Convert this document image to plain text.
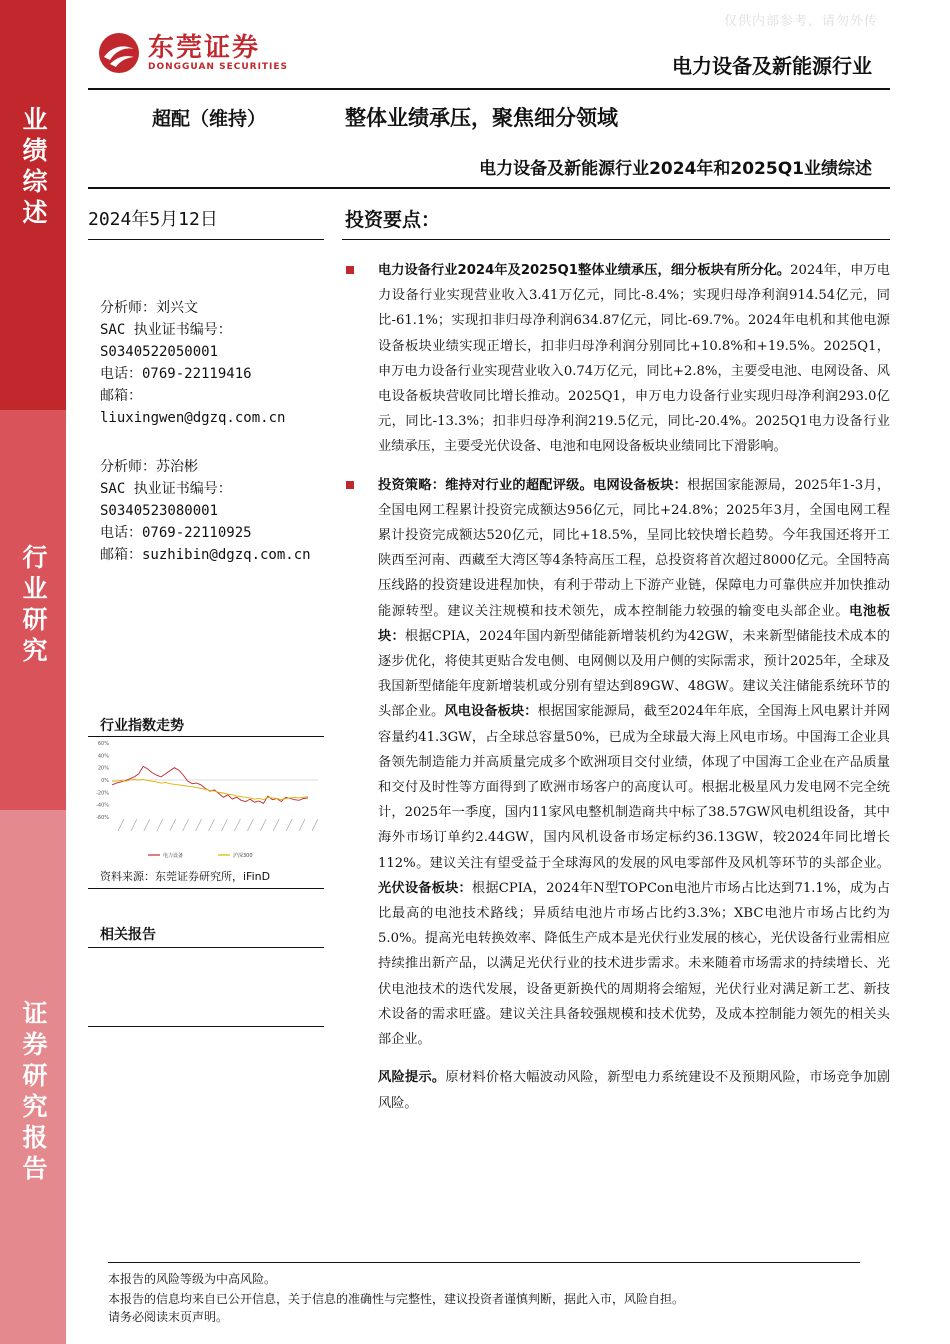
业绩综述
行业研究
证券研究报告
仅供内部参考，请勿外传
东莞证券
DONGGUAN SECURITIES	电力设备及新能源行业
超配（维持）	整体业绩承压，聚焦细分领域
电力设备及新能源行业2024年和2025Q1业绩综述
2024年5月12日	投资要点：
分析师：刘兴文
SAC 执业证书编号：
S0340522050001
电话：0769-22119416
邮箱：
liuxingwen@dgzq.com.cn
分析师：苏治彬
SAC 执业证书编号：
S0340523080001
电话：0769-22110925
邮箱：suzhibin@dgzq.com.cn
行业指数走势
60%
40%
20%
0%
-20%
-40%
-60%
电力设备	沪深300
资料来源：东莞证券研究所，iFinD
相关报告
电力设备行业2024年及2025Q1整体业绩承压，细分板块有所分化。2024年，申万电力设备行业实现营业收入3.41万亿元，同比-8.4%；实现归母净利润914.54亿元，同比-61.1%；实现扣非归母净利润634.87亿元，同比-69.7%。2024年电机和其他电源设备板块业绩实现正增长，扣非归母净利润分别同比+10.8%和+19.5%。2025Q1，申万电力设备行业实现营业收入0.74万亿元，同比+2.8%，主要受电池、电网设备、风电设备板块营收同比增长推动。2025Q1，申万电力设备行业实现归母净利润293.0亿元，同比-13.3%；扣非归母净利润219.5亿元，同比-20.4%。2025Q1电力设备行业业绩承压，主要受光伏设备、电池和电网设备板块业绩同比下滑影响。
投资策略：维持对行业的超配评级。电网设备板块：根据国家能源局，2025年1-3月，全国电网工程累计投资完成额达956亿元，同比+24.8%；2025年3月，全国电网工程累计投资完成额达520亿元，同比+18.5%，呈同比较快增长趋势。今年我国还将开工陕西至河南、西藏至大湾区等4条特高压工程，总投资将首次超过8000亿元。全国特高压线路的投资建设进程加快，有利于带动上下游产业链，保障电力可靠供应并加快推动能源转型。建议关注规模和技术领先，成本控制能力较强的输变电头部企业。电池板块：根据CPIA，2024年国内新型储能新增装机约为42GW，未来新型储能技术成本的逐步优化，将使其更贴合发电侧、电网侧以及用户侧的实际需求，预计2025年，全球及我国新型储能年度新增装机或分别有望达到89GW、48GW。建议关注储能系统环节的头部企业。风电设备板块：根据国家能源局，截至2024年年底，全国海上风电累计并网容量约41.3GW，占全球总容量50%，已成为全球最大海上风电市场。中国海工企业具备领先制造能力并高质量完成多个欧洲项目交付业绩，体现了中国海工企业在产品质量和交付及时性等方面得到了欧洲市场客户的高度认可。根据北极星风力发电网不完全统计，2025年一季度，国内11家风电整机制造商共中标了38.57GW风电机组设备，其中海外市场订单约2.44GW，国内风机设备市场定标约36.13GW，较2024年同比增长112%。建议关注有望受益于全球海风的发展的风电零部件及风机等环节的头部企业。光伏设备板块：根据CPIA，2024年N型TOPCon电池片市场占比达到71.1%，成为占比最高的电池技术路线；异质结电池片市场占比约3.3%；XBC电池片市场占比约为5.0%。提高光电转换效率、降低生产成本是光伏行业发展的核心，光伏设备行业需相应持续推出新产品，以满足光伏行业的技术进步需求。未来随着市场需求的持续增长、光伏电池技术的迭代发展，设备更新换代的周期将会缩短，光伏行业对满足新工艺、新技术设备的需求旺盛。建议关注具备较强规模和技术优势，及成本控制能力领先的相关头部企业。
风险提示。原材料价格大幅波动风险，新型电力系统建设不及预期风险，市场竞争加剧风险。
本报告的风险等级为中高风险。
本报告的信息均来自已公开信息，关于信息的准确性与完整性，建议投资者谨慎判断，据此入市，风险自担。
请务必阅读末页声明。
